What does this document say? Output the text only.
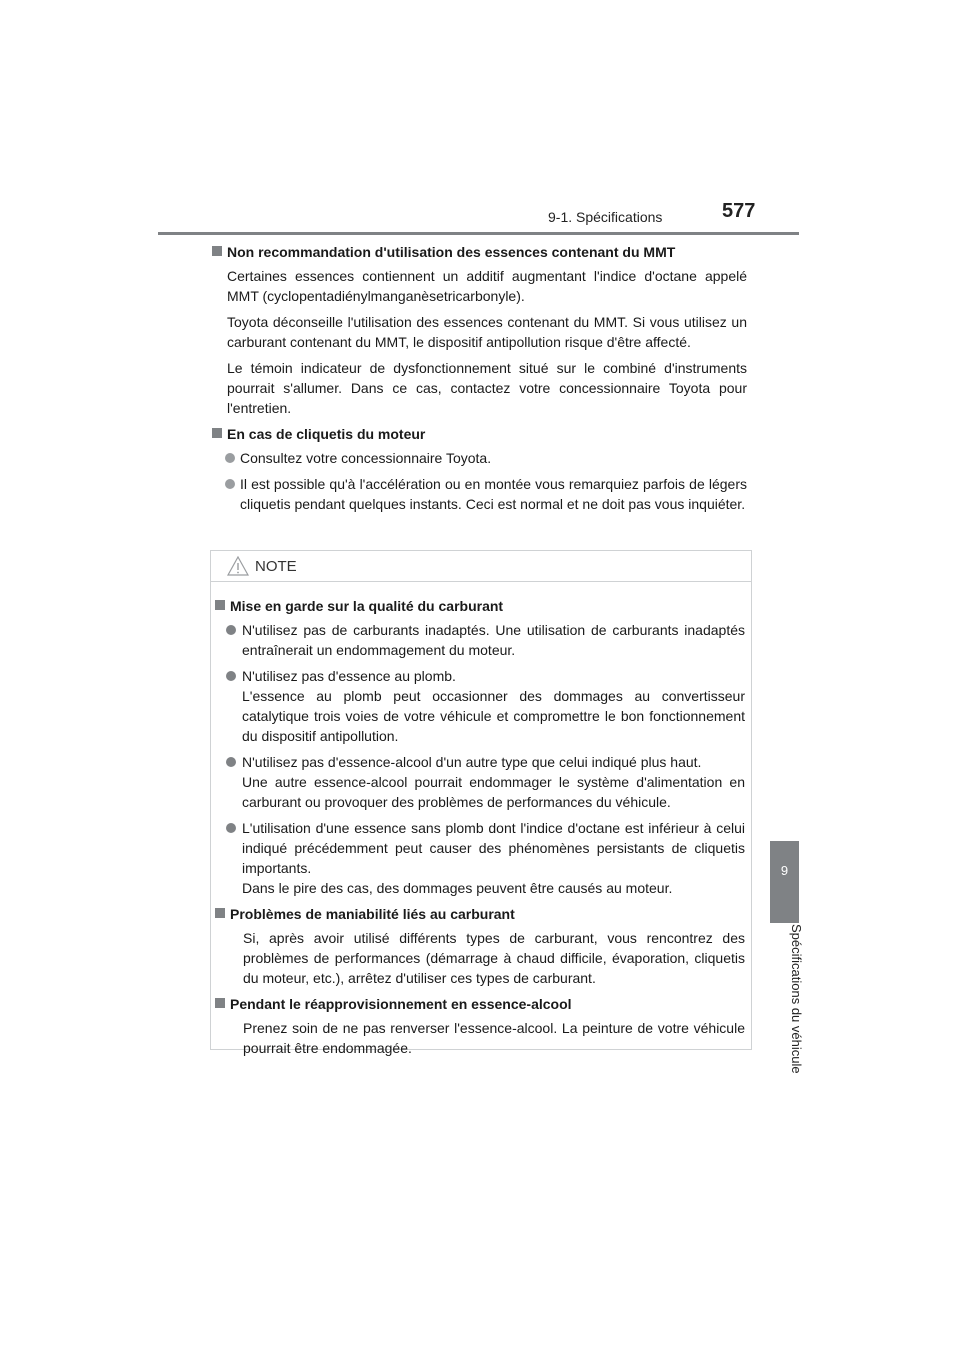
9-1. Spécifications	577
9
Spécifications du véhicule
Non recommandation d'utilisation des essences contenant du MMT

Certaines essences contiennent un additif augmentant l'indice d'octane appelé MMT (cyclopentadiénylmanganèsetricarbonyle).

Toyota déconseille l'utilisation des essences contenant du MMT. Si vous utilisez un carburant contenant du MMT, le dispositif antipollution risque d'être affecté.

Le témoin indicateur de dysfonctionnement situé sur le combiné d'instruments pourrait s'allumer. Dans ce cas, contactez votre concessionnaire Toyota pour l'entretien.

En cas de cliquetis du moteur
Consultez votre concessionnaire Toyota.
Il est possible qu'à l'accélération ou en montée vous remarquiez parfois de légers cliquetis pendant quelques instants. Ceci est normal et ne doit pas vous inquiéter.
NOTE
Mise en garde sur la qualité du carburant
N'utilisez pas de carburants inadaptés. Une utilisation de carburants inadaptés entraînerait un endommagement du moteur.
N'utilisez pas d'essence au plomb.
L'essence au plomb peut occasionner des dommages au convertisseur catalytique trois voies de votre véhicule et compromettre le bon fonctionnement du dispositif antipollution.
N'utilisez pas d'essence-alcool d'un autre type que celui indiqué plus haut.
Une autre essence-alcool pourrait endommager le système d'alimentation en carburant ou provoquer des problèmes de performances du véhicule.
L'utilisation d'une essence sans plomb dont l'indice d'octane est inférieur à celui indiqué précédemment peut causer des phénomènes persistants de cliquetis importants.
Dans le pire des cas, des dommages peuvent être causés au moteur.
Problèmes de maniabilité liés au carburant

Si, après avoir utilisé différents types de carburant, vous rencontrez des problèmes de performances (démarrage à chaud difficile, évaporation, cliquetis du moteur, etc.), arrêtez d'utiliser ces types de carburant.

Pendant le réapprovisionnement en essence-alcool

Prenez soin de ne pas renverser l'essence-alcool. La peinture de votre véhicule pourrait être endommagée.
